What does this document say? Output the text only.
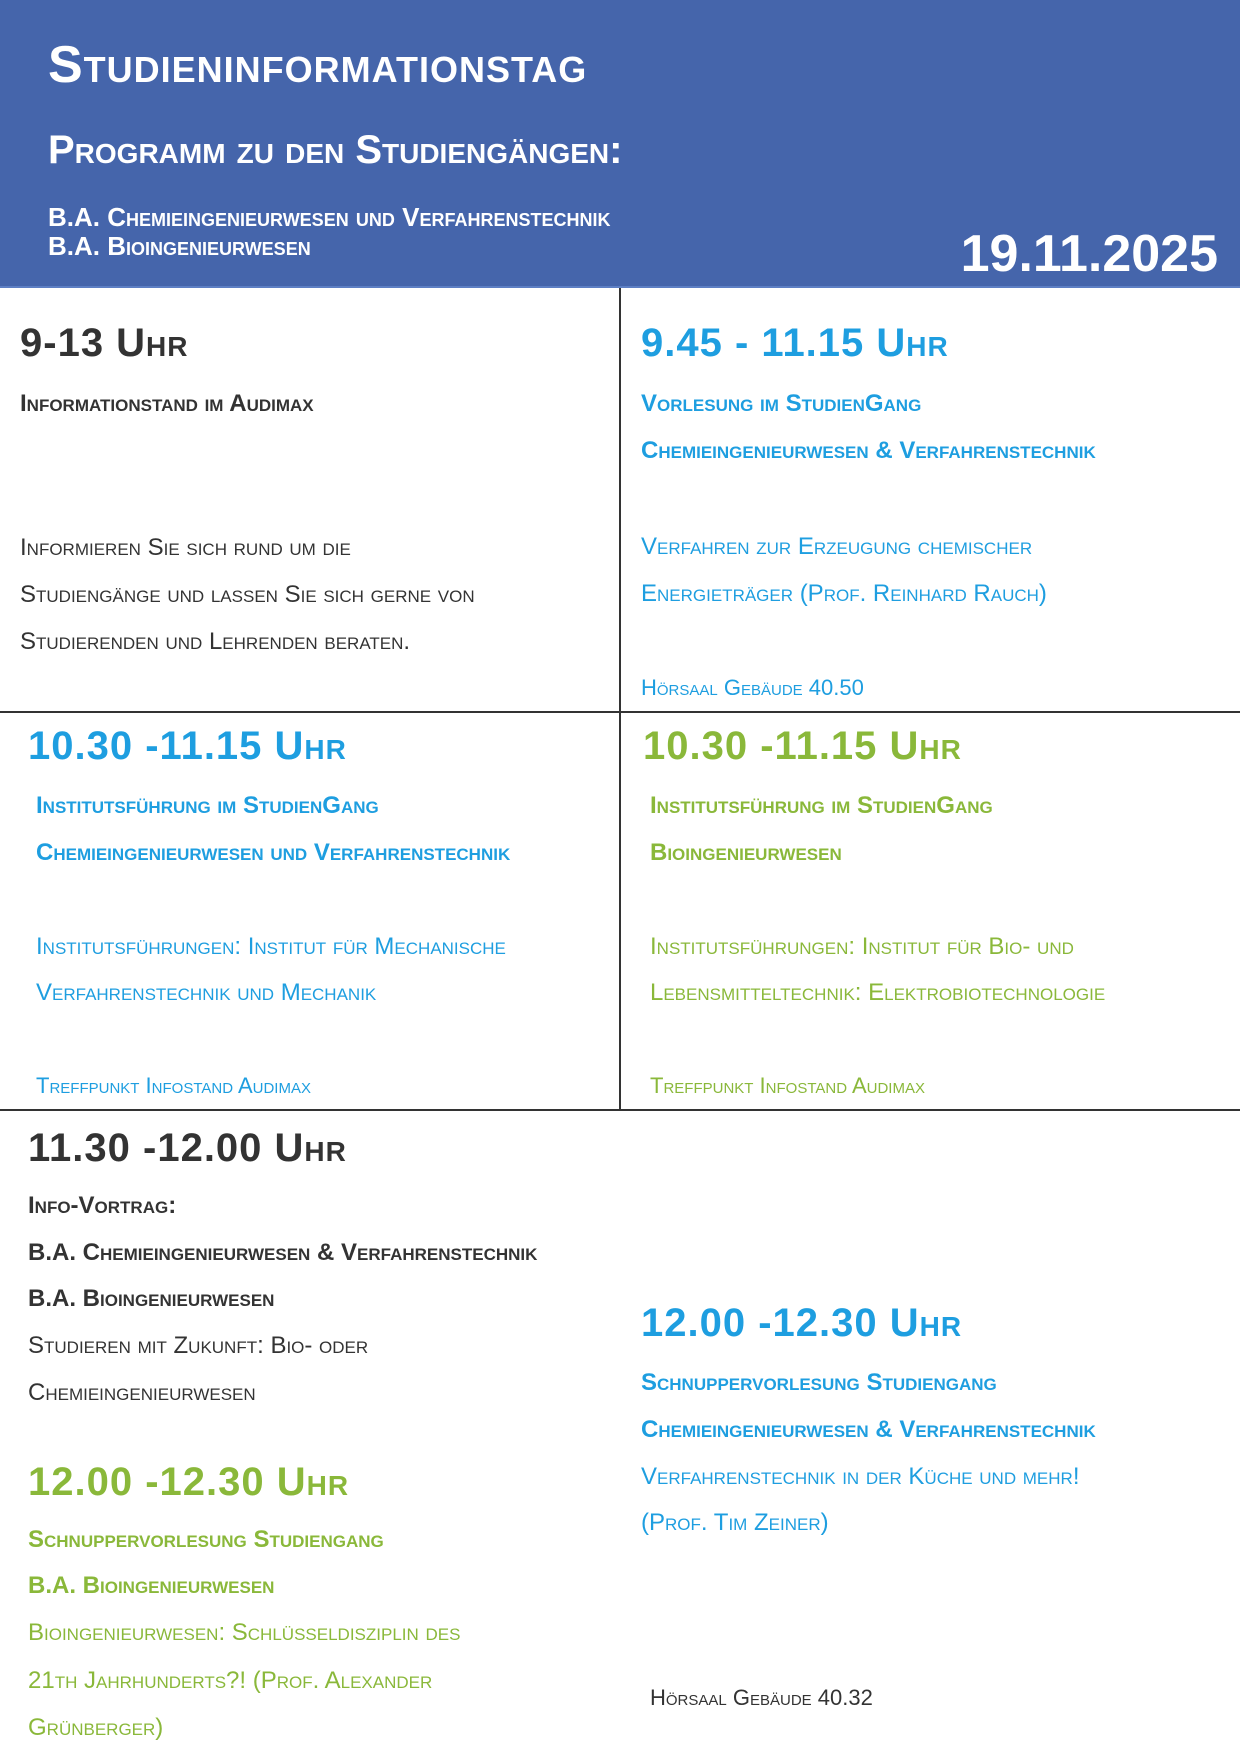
Studieninformationstag
Programm zu den Studiengängen:
B.A. Chemieingenieurwesen und Verfahrenstechnik
B.A. Bioingenieurwesen	19.11.2025
9-13 Uhr
Informationstand im Audimax
Informieren Sie sich rund um die
Studiengänge und lassen Sie sich gerne von
Studierenden und Lehrenden beraten.
9.45 - 11.15 Uhr
Vorlesung im StudienGang
Chemieingenieurwesen & Verfahrenstechnik
Verfahren zur Erzeugung chemischer
Energieträger (Prof. Reinhard Rauch)
Hörsaal Gebäude 40.50
10.30 -11.15 Uhr
Institutsführung im StudienGang
Chemieingenieurwesen und Verfahrenstechnik
Institutsführungen: Institut für Mechanische
Verfahrenstechnik und Mechanik
Treffpunkt Infostand Audimax
10.30 -11.15 Uhr
Institutsführung im StudienGang
Bioingenieurwesen
Institutsführungen: Institut für Bio- und
Lebensmitteltechnik: Elektrobiotechnologie
Treffpunkt Infostand Audimax
11.30 -12.00 Uhr
Info-Vortrag:
B.A. Chemieingenieurwesen & Verfahrenstechnik
B.A. Bioingenieurwesen
Studieren mit Zukunft: Bio- oder
Chemieingenieurwesen
12.00 -12.30 Uhr
Schnuppervorlesung Studiengang
B.A. Bioingenieurwesen
Bioingenieurwesen: Schlüsseldisziplin des
21th Jahrhunderts?! (Prof. Alexander
Grünberger)
12.00 -12.30 Uhr
Schnuppervorlesung Studiengang
Chemieingenieurwesen & Verfahrenstechnik
Verfahrenstechnik in der Küche und mehr!
(Prof. Tim Zeiner)
Hörsaal Gebäude 40.32
